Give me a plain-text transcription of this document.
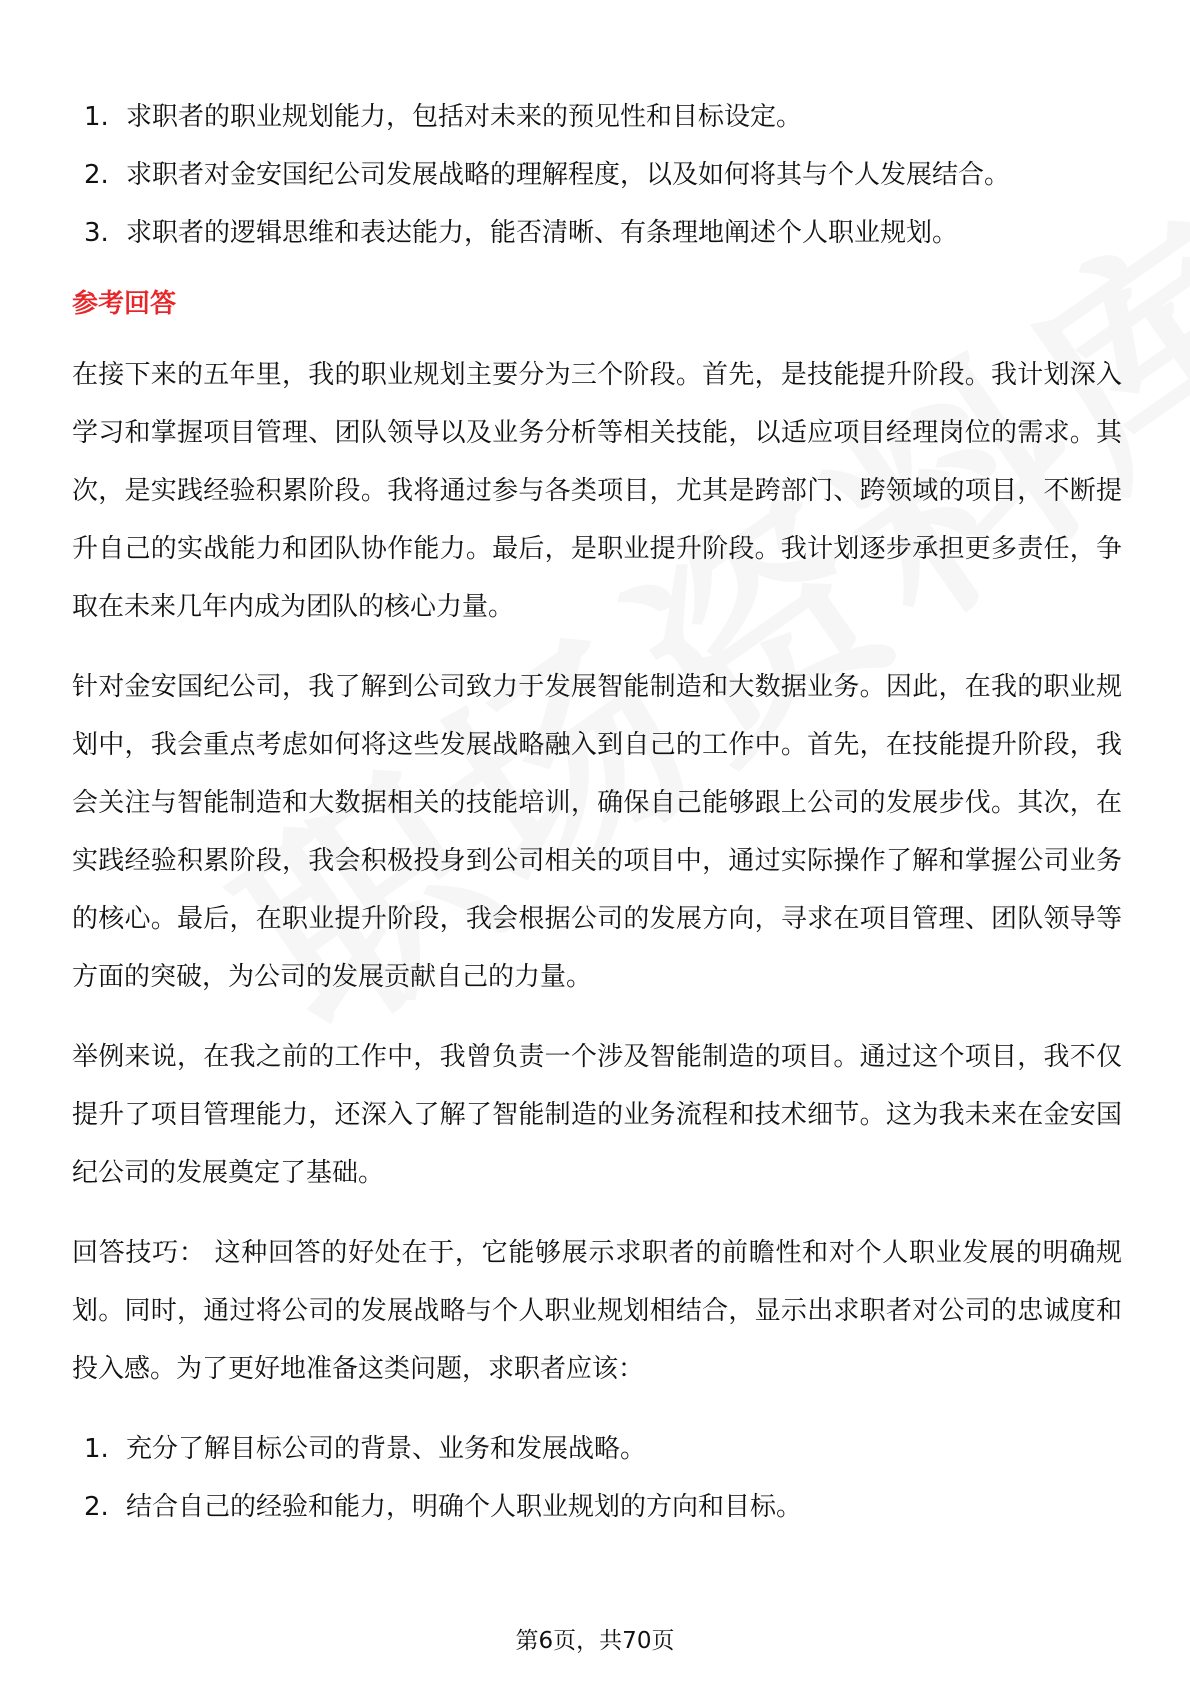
1. 求职者的职业规划能力，包括对未来的预见性和目标设定。
2. 求职者对金安国纪公司发展战略的理解程度，以及如何将其与个人发展结合。
3. 求职者的逻辑思维和表达能力，能否清晰、有条理地阐述个人职业规划。
参考回答

在接下来的五年里，我的职业规划主要分为三个阶段。首先，是技能提升阶段。我计划深入学习和掌握项目管理、团队领导以及业务分析等相关技能，以适应项目经理岗位的需求。其次，是实践经验积累阶段。我将通过参与各类项目，尤其是跨部门、跨领域的项目，不断提升自己的实战能力和团队协作能力。最后，是职业提升阶段。我计划逐步承担更多责任，争取在未来几年内成为团队的核心力量。

针对金安国纪公司，我了解到公司致力于发展智能制造和大数据业务。因此，在我的职业规划中，我会重点考虑如何将这些发展战略融入到自己的工作中。首先，在技能提升阶段，我会关注与智能制造和大数据相关的技能培训，确保自己能够跟上公司的发展步伐。其次，在实践经验积累阶段，我会积极投身到公司相关的项目中，通过实际操作了解和掌握公司业务的核心。最后，在职业提升阶段，我会根据公司的发展方向，寻求在项目管理、团队领导等方面的突破，为公司的发展贡献自己的力量。

举例来说，在我之前的工作中，我曾负责一个涉及智能制造的项目。通过这个项目，我不仅提升了项目管理能力，还深入了解了智能制造的业务流程和技术细节。这为我未来在金安国纪公司的发展奠定了基础。

回答技巧： 这种回答的好处在于，它能够展示求职者的前瞻性和对个人职业发展的明确规划。同时，通过将公司的发展战略与个人职业规划相结合，显示出求职者对公司的忠诚度和投入感。为了更好地准备这类问题，求职者应该：

1. 充分了解目标公司的背景、业务和发展战略。
2. 结合自己的经验和能力，明确个人职业规划的方向和目标。
第6页，共70页
